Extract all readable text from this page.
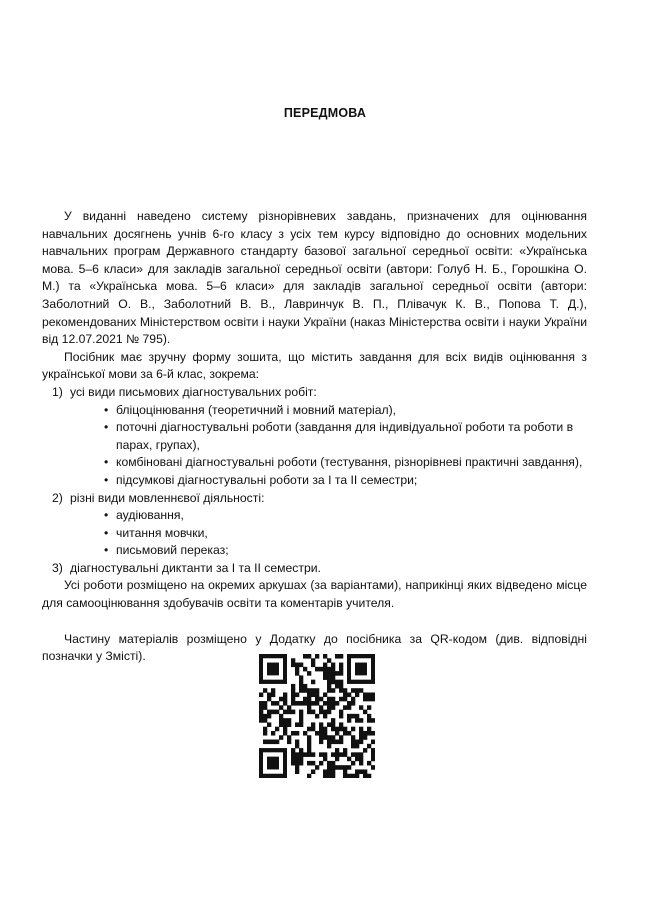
ПЕРЕДМОВА

У виданні наведено систему різнорівневих завдань, призначених для оцінювання навчальних досягнень учнів 6-го класу з усіх тем курсу відповідно до основних модельних навчальних програм Державного стандарту базової загальної середньої освіти: «Українська мова. 5–6 класи» для закладів загальної середньої освіти (автори: Голуб Н. Б., Горошкіна О. М.) та «Українська мова. 5–6 класи» для закладів загальної середньої освіти (автори: Заболотний О. В., Заболотний В. В., Лавринчук В. П., Плівачук К. В., Попова Т. Д.), рекомендованих Міністерством освіти і науки України (наказ Міністерства освіти і науки України від 12.07.2021 № 795).

Посібник має зручну форму зошита, що містить завдання для всіх видів оцінювання з української мови за 6-й клас, зокрема:

1) усі види письмових діагностувальних робіт:
• бліцоцінювання (теоретичний і мовний матеріал),
• поточні діагностувальні роботи (завдання для індивідуальної роботи та роботи в парах, групах),
• комбіновані діагностувальні роботи (тестування, різнорівневі практичні завдання),
• підсумкові діагностувальні роботи за І та ІІ семестри;
2) різні види мовленнєвої діяльності:
• аудіювання,
• читання мовчки,
• письмовий переказ;
3) діагностувальні диктанти за І та ІІ семестри.

Усі роботи розміщено на окремих аркушах (за варіантами), наприкінці яких відведено місце для самооцінювання здобувачів освіти та коментарів учителя.

Частину матеріалів розміщено у Додатку до посібника за QR-кодом (див. відповідні позначки у Змісті).
